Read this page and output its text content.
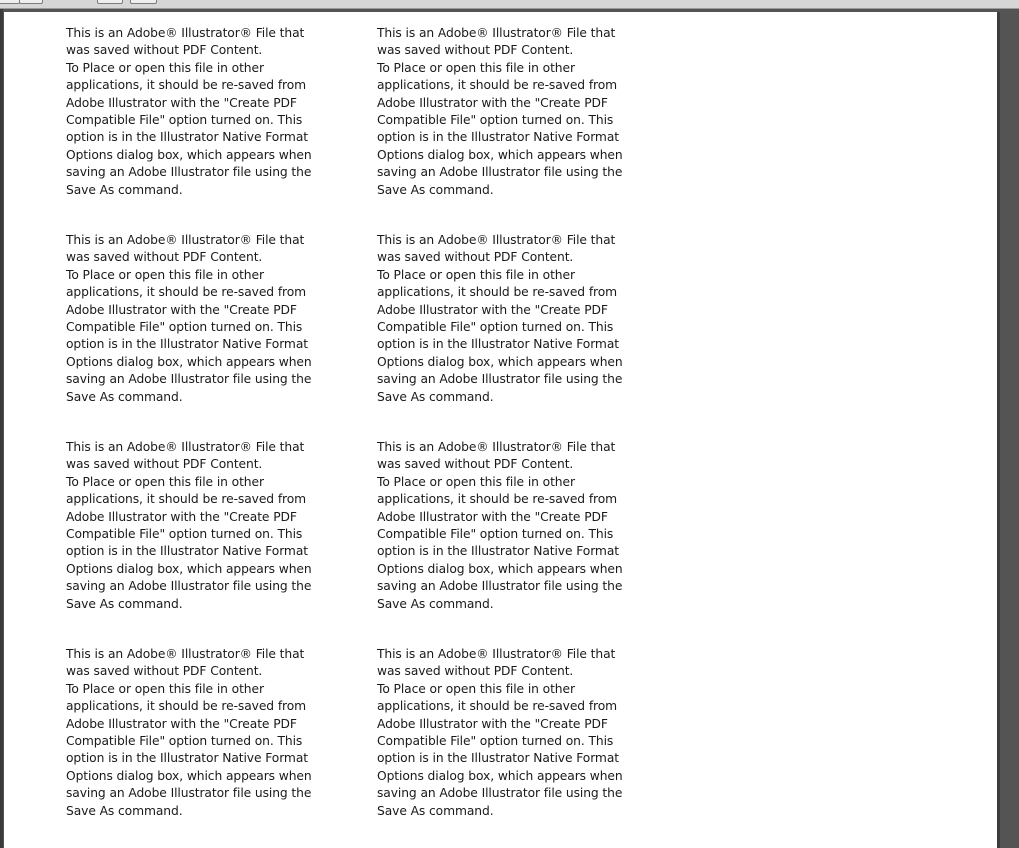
This is an Adobe® Illustrator® File that was saved without PDF Content.

To Place or open this file in other applications, it should be re-saved from Adobe Illustrator with the "Create PDF Compatible File" option turned on. This option is in the Illustrator Native Format Options dialog box, which appears when saving an Adobe Illustrator file using the Save As command.

This is an Adobe® Illustrator® File that was saved without PDF Content.

To Place or open this file in other applications, it should be re-saved from Adobe Illustrator with the "Create PDF Compatible File" option turned on. This option is in the Illustrator Native Format Options dialog box, which appears when saving an Adobe Illustrator file using the Save As command.

This is an Adobe® Illustrator® File that was saved without PDF Content.

To Place or open this file in other applications, it should be re-saved from Adobe Illustrator with the "Create PDF Compatible File" option turned on. This option is in the Illustrator Native Format Options dialog box, which appears when saving an Adobe Illustrator file using the Save As command.

This is an Adobe® Illustrator® File that was saved without PDF Content.

To Place or open this file in other applications, it should be re-saved from Adobe Illustrator with the "Create PDF Compatible File" option turned on. This option is in the Illustrator Native Format Options dialog box, which appears when saving an Adobe Illustrator file using the Save As command.

This is an Adobe® Illustrator® File that was saved without PDF Content.

To Place or open this file in other applications, it should be re-saved from Adobe Illustrator with the "Create PDF Compatible File" option turned on. This option is in the Illustrator Native Format Options dialog box, which appears when saving an Adobe Illustrator file using the Save As command.

This is an Adobe® Illustrator® File that was saved without PDF Content.

To Place or open this file in other applications, it should be re-saved from Adobe Illustrator with the "Create PDF Compatible File" option turned on. This option is in the Illustrator Native Format Options dialog box, which appears when saving an Adobe Illustrator file using the Save As command.

This is an Adobe® Illustrator® File that was saved without PDF Content.

To Place or open this file in other applications, it should be re-saved from Adobe Illustrator with the "Create PDF Compatible File" option turned on. This option is in the Illustrator Native Format Options dialog box, which appears when saving an Adobe Illustrator file using the Save As command.

This is an Adobe® Illustrator® File that was saved without PDF Content.

To Place or open this file in other applications, it should be re-saved from Adobe Illustrator with the "Create PDF Compatible File" option turned on. This option is in the Illustrator Native Format Options dialog box, which appears when saving an Adobe Illustrator file using the Save As command.
